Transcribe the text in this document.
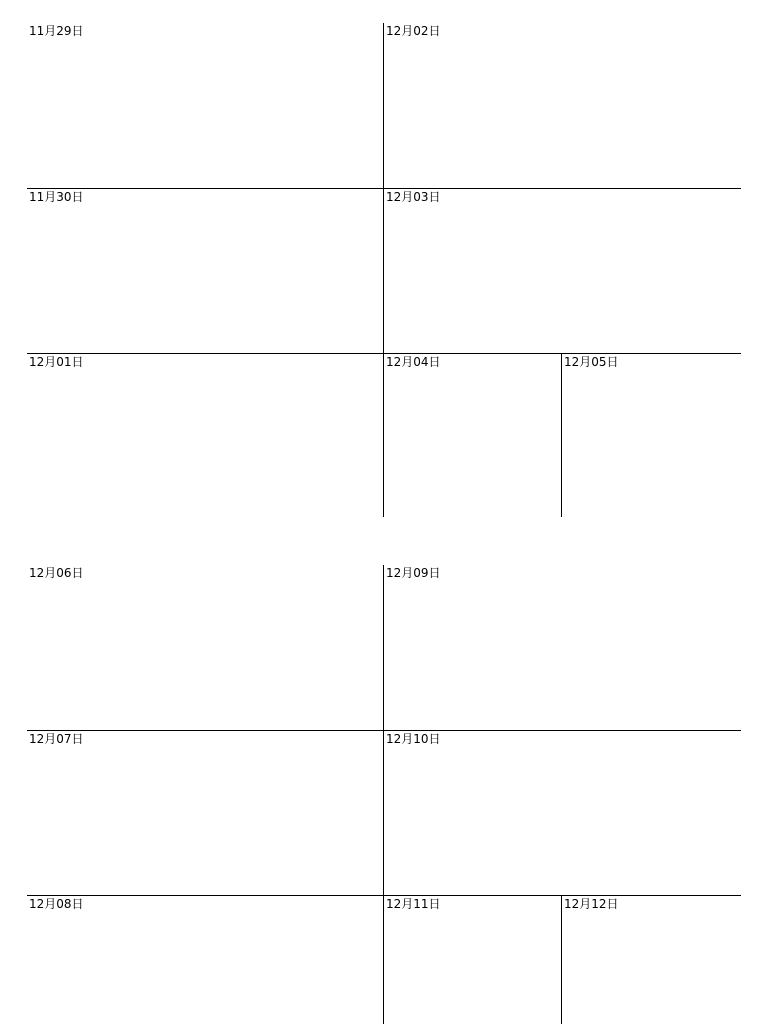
11月29日
11月30日
12月01日
12月02日
12月03日
12月04日	12月05日
12月06日
12月07日
12月08日
12月09日
12月10日
12月11日	12月12日
